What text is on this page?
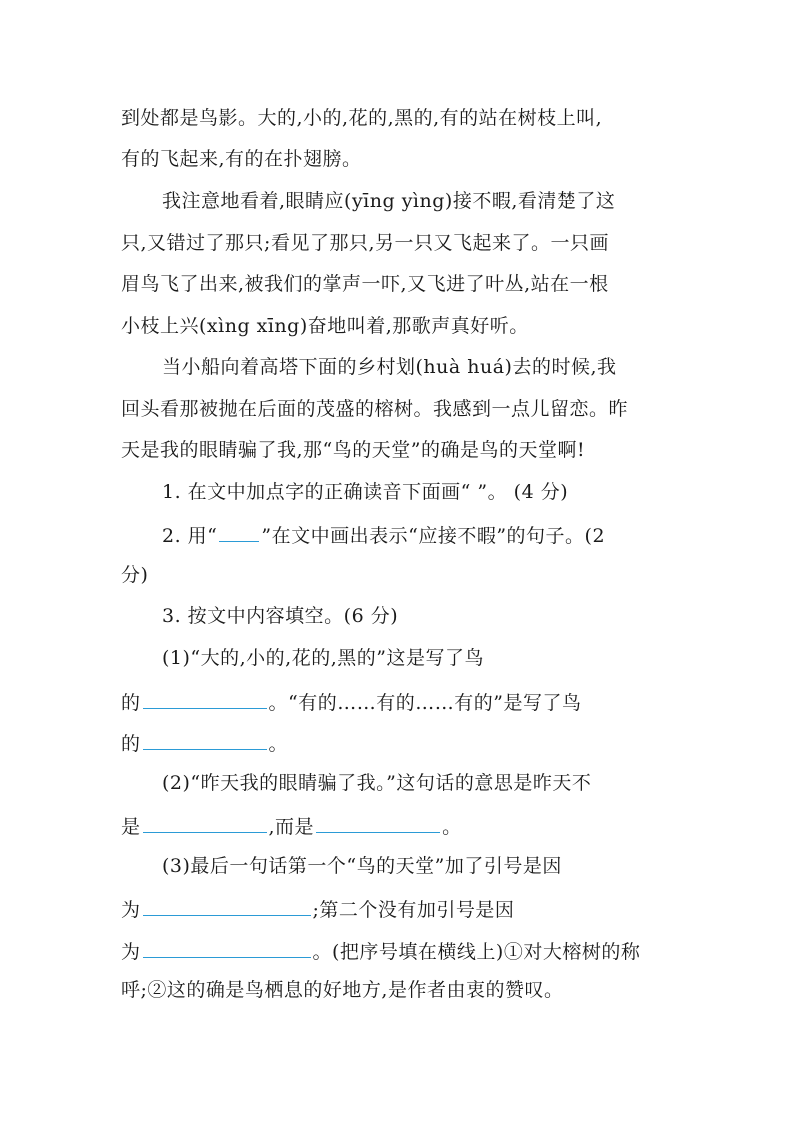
到处都是鸟影。大的,小的,花的,黑的,有的站在树枝上叫,
有的飞起来,有的在扑翅膀。
我注意地看着,眼睛应(yīng yìng)接不暇,看清楚了这
只,又错过了那只;看见了那只,另一只又飞起来了。一只画
眉鸟飞了出来,被我们的掌声一吓,又飞进了叶丛,站在一根
小枝上兴(xìng xīng)奋地叫着,那歌声真好听。
当小船向着高塔下面的乡村划(huà huá)去的时候,我
回头看那被抛在后面的茂盛的榕树。我感到一点儿留恋。昨
天是我的眼睛骗了我,那“鸟的天堂”的确是鸟的天堂啊!
1. 在文中加点字的正确读音下面画“ ”。 (4 分)
2. 用“ ”在文中画出表示“应接不暇”的句子。(2
分)
3. 按文中内容填空。(6 分)
(1)“大的,小的,花的,黑的”这是写了鸟
的	。“有的……有的……有的”是写了鸟
的	。
(2)“昨天我的眼睛骗了我。”这句话的意思是昨天不
是	,而是	。
(3)最后一句话第一个“鸟的天堂”加了引号是因
为	;第二个没有加引号是因
为	。(把序号填在横线上)①对大榕树的称
呼;②这的确是鸟栖息的好地方,是作者由衷的赞叹。
